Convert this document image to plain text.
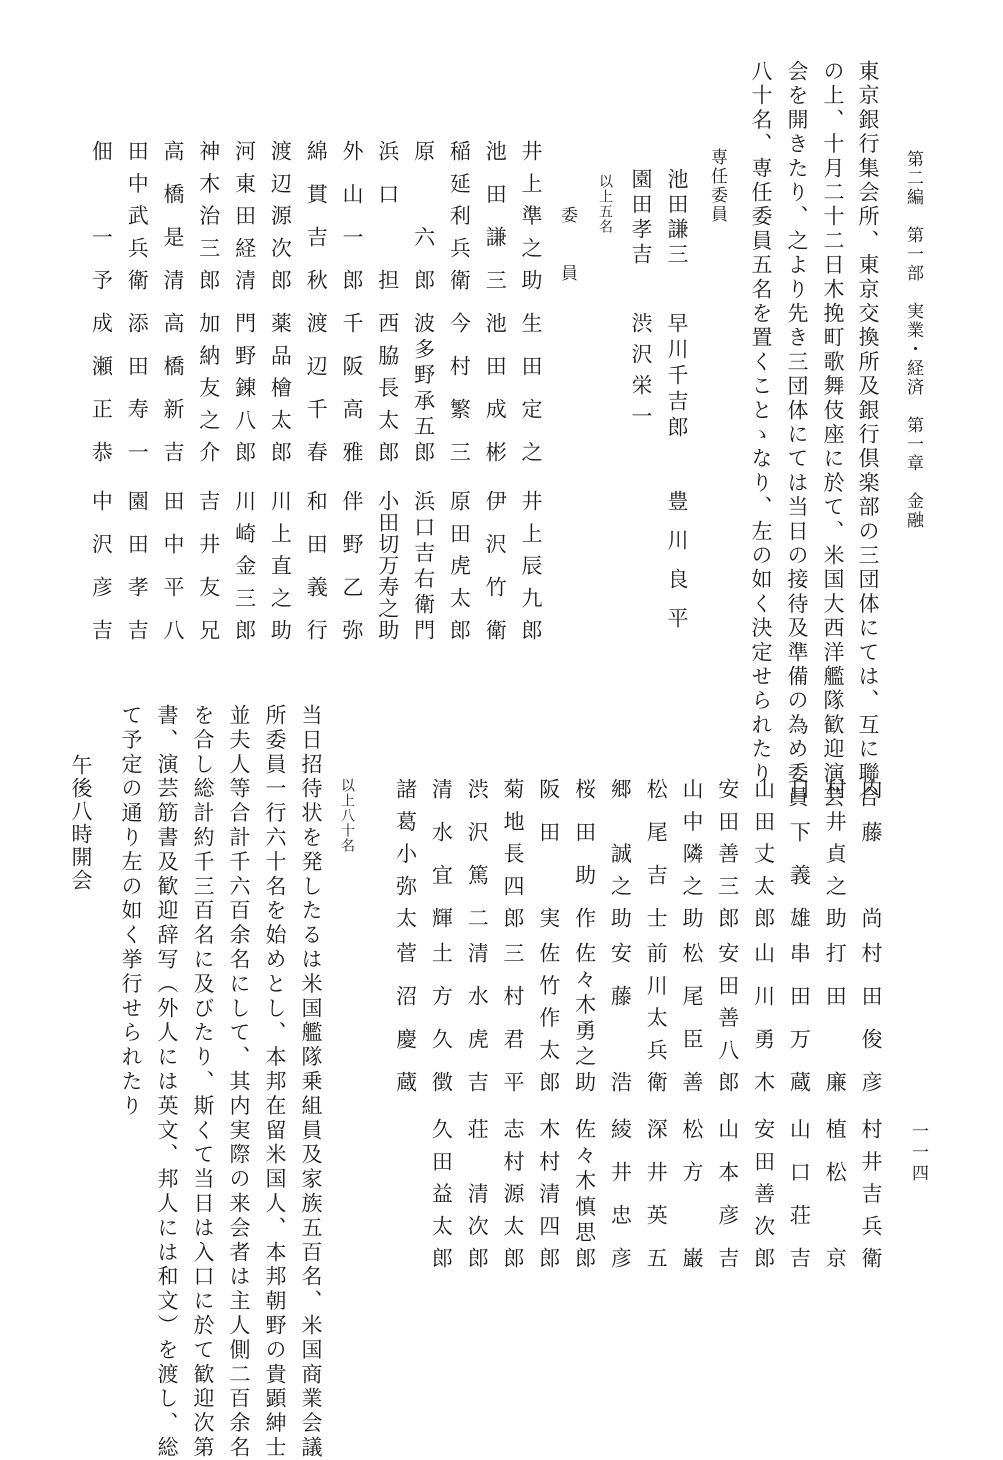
第二編　第一部　実業・経済　第一章　金融
一一四
東京銀行集会所、東京交換所及銀行倶楽部の三団体にては、互に聯合
の上、十月二十二日木挽町歌舞伎座に於て、米国大西洋艦隊歓迎演芸
会を開きたり、之より先き三団体にては当日の接待及準備の為め委員
八十名、専任委員五名を置くことゝなり、左の如く決定せられたり
専任委員
池田謙三
早川千吉郎
豊川良平
園田孝吉
渋沢栄一
以上五名
委　員
井上準之助
生田定之
井上辰九郎
池田謙三
池田成彬
伊沢竹衛
稲延利兵衛
今村繁三
原田虎太郎
原　六郎
波多野承五郎
浜口吉右衛門
浜口　担
西脇長太郎
小田切万寿之助
外山一郎
千阪高雅
伴野乙弥
綿貫吉秋
渡辺千春
和田義行
渡辺源次郎
薬品檜太郎
川上直之助
河東田経清
門野錬八郎
川崎金三郎
神木治三郎
加納友之介
吉井友兄
高橋是清
高橋新吉
田中平八
田中武兵衛
添田寿一
園田孝吉
佃　一予
成瀬正恭
中沢彦吉
内藤　尚
村田俊彦
村井吉兵衛
村井貞之助
打田　廉
植松　京
日下義雄
串田万蔵
山口荘吉
山田丈太郎
山川勇木
安田善次郎
安田善三郎
安田善八郎
山本彦吉
山中隣之助
松尾臣善
松方　巌
松尾吉士
前川太兵衛
深井英五
郷　誠之助
安藤　浩
綾井忠彦
桜田助作
佐々木勇之助
佐々木慎思郎
阪田　実
佐竹作太郎
木村清四郎
菊地長四郎
三村君平
志村源太郎
渋沢篤二
清水虎吉
荘　清次郎
清水宜輝
土方久徴
久田益太郎
諸葛小弥太
菅沼慶蔵
以上八十名
当日招待状を発したるは米国艦隊乗組員及家族五百名、米国商業会議
所委員一行六十名を始めとし、本邦在留米国人、本邦朝野の貴顕紳士
並夫人等合計千六百余名にして、其内実際の来会者は主人側二百余名
を合し総計約千三百名に及びたり、斯くて当日は入口に於て歓迎次第
書、演芸筋書及歓迎辞写（外人には英文、邦人には和文）を渡し、総
て予定の通り左の如く挙行せられたり
午後八時開会
